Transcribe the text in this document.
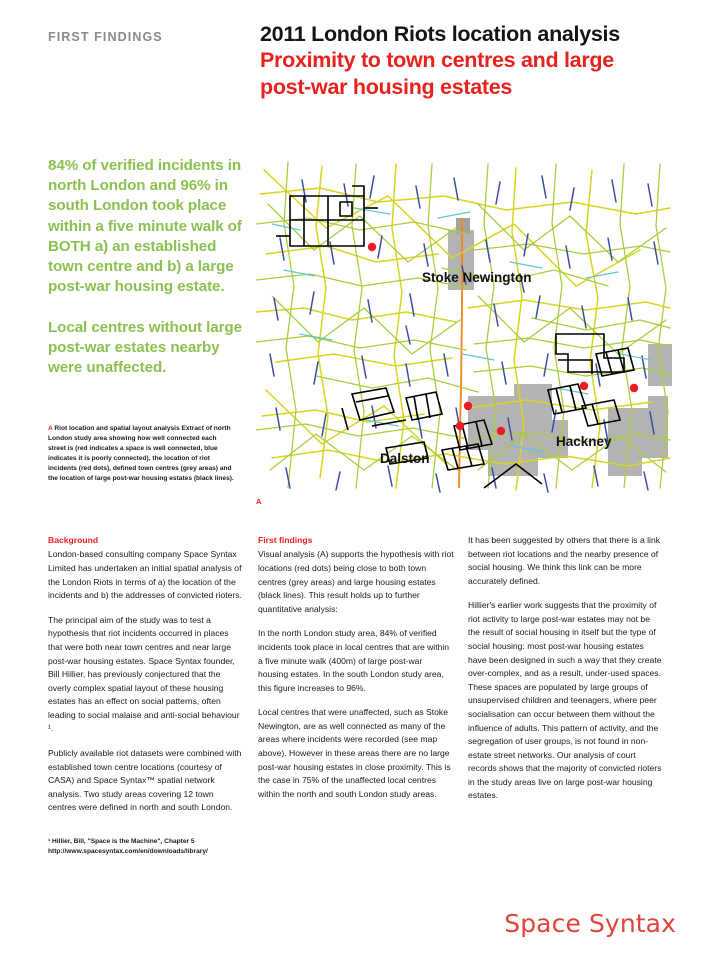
FIRST FINDINGS	2011 London Riots location analysis
Proximity to town centres and large
post-war housing estates

84% of verified incidents in north London and 96% in south London took place within a five minute walk of BOTH a) an established town centre and b) a large post-war housing estate.

Local centres without large post-war estates nearby were unaffected.

A Riot location and spatial layout analysis Extract of north London study area showing how well connected each street is (red indicates a space is well connected, blue indicates it is poorly connected), the location of riot incidents (red dots), defined town centres (grey areas) and the location of large post-war housing estates (black lines).
Stoke Newington
Dalston
Hackney
A
Background

London-based consulting company Space Syntax Limited has undertaken an initial spatial analysis of the London Riots in terms of a) the location of the incidents and b) the addresses of convicted rioters.

The principal aim of the study was to test a hypothesis that riot incidents occurred in places that were both near town centres and near large post-war housing estates. Space Syntax founder, Bill Hillier, has previously conjectured that the overly complex spatial layout of these housing estates has an effect on social patterns, often leading to social malaise and anti-social behaviour ¹.

Publicly available riot datasets were combined with established town centre locations (courtesy of CASA) and Space Syntax™ spatial network analysis. Two study areas covering 12 town centres were defined in north and south London.

¹ Hillier, Bill, "Space is the Machine", Chapter 5
http://www.spacesyntax.com/en/downloads/library/
First findings

Visual analysis (A) supports the hypothesis with riot locations (red dots) being close to both town centres (grey areas) and large housing estates (black lines). This result holds up to further quantitative analysis:

In the north London study area, 84% of verified incidents took place in local centres that are within a five minute walk (400m) of large post-war housing estates. In the south London study area, this figure increases to 96%.

Local centres that were unaffected, such as Stoke Newington, are as well connected as many of the areas where incidents were recorded (see map above). However in these areas there are no large post-war housing estates in close proximity. This is the case in 75% of the unaffected local centres within the north and south London study areas.

It has been suggested by others that there is a link between riot locations and the nearby presence of social housing. We think this link can be more accurately defined.

Hillier's earlier work suggests that the proximity of riot activity to large post-war estates may not be the result of social housing in itself but the type of social housing: most post-war housing estates have been designed in such a way that they create over-complex, and as a result, under-used spaces. These spaces are populated by large groups of unsupervised children and teenagers, where peer socialisation can occur between them without the influence of adults. This pattern of activity, and the segregation of user groups, is not found in non-estate street networks. Our analysis of court records shows that the majority of convicted rioters in the study areas live on large post-war housing estates.

Space Syntax
